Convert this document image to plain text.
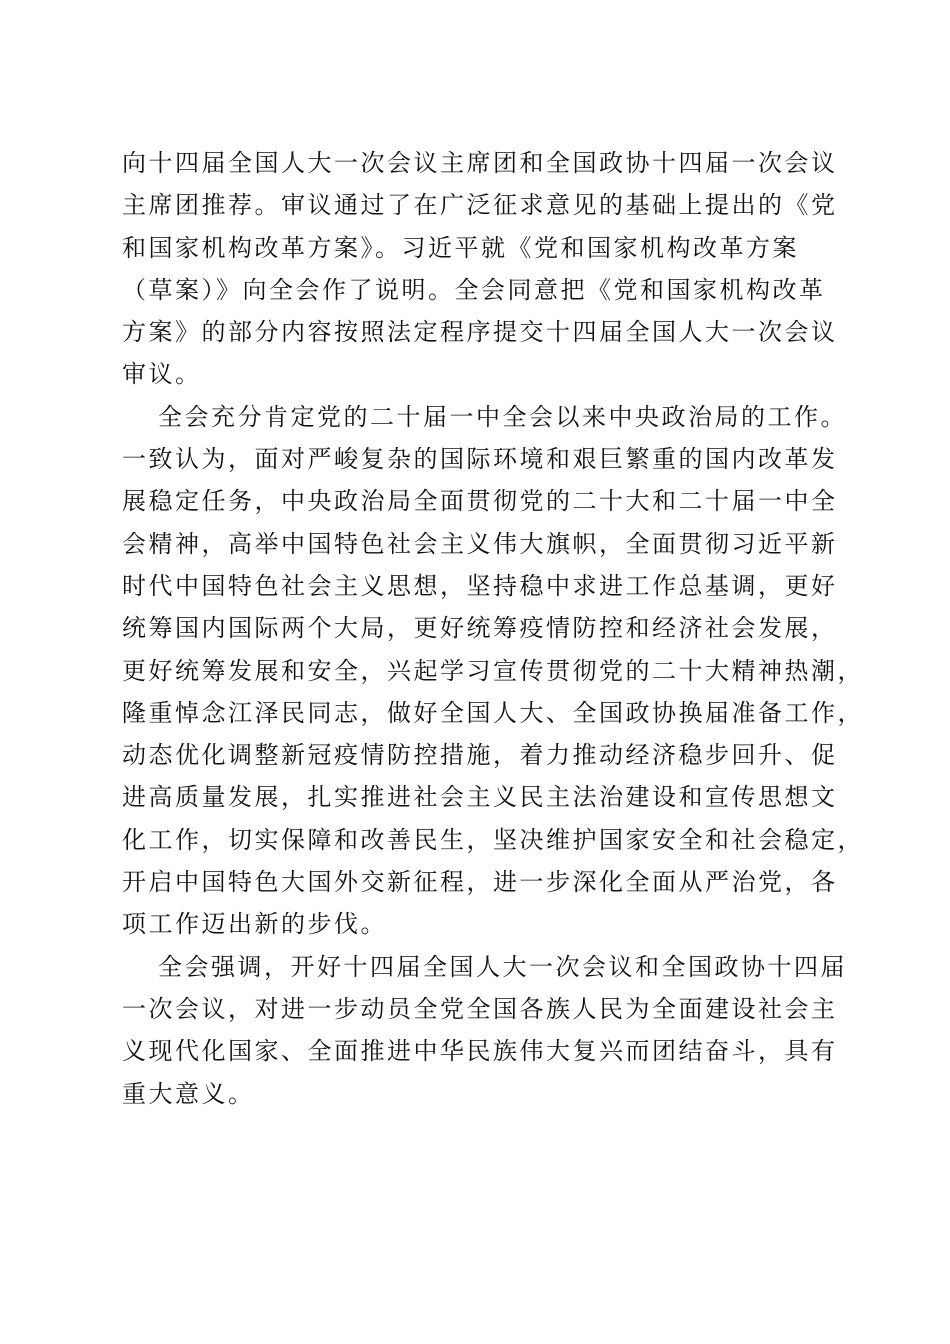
向十四届全国人大一次会议主席团和全国政协十四届一次会议
主席团推荐。审议通过了在广泛征求意见的基础上提出的《党
和国家机构改革方案》。习近平就《党和国家机构改革方案
（草案）》向全会作了说明。全会同意把《党和国家机构改革
方案》的部分内容按照法定程序提交十四届全国人大一次会议
审议。
全会充分肯定党的二十届一中全会以来中央政治局的工作。
一致认为，面对严峻复杂的国际环境和艰巨繁重的国内改革发
展稳定任务，中央政治局全面贯彻党的二十大和二十届一中全
会精神，高举中国特色社会主义伟大旗帜，全面贯彻习近平新
时代中国特色社会主义思想，坚持稳中求进工作总基调，更好
统筹国内国际两个大局，更好统筹疫情防控和经济社会发展，
更好统筹发展和安全，兴起学习宣传贯彻党的二十大精神热潮，
隆重悼念江泽民同志，做好全国人大、全国政协换届准备工作，
动态优化调整新冠疫情防控措施，着力推动经济稳步回升、促
进高质量发展，扎实推进社会主义民主法治建设和宣传思想文
化工作，切实保障和改善民生，坚决维护国家安全和社会稳定，
开启中国特色大国外交新征程，进一步深化全面从严治党，各
项工作迈出新的步伐。
全会强调，开好十四届全国人大一次会议和全国政协十四届
一次会议，对进一步动员全党全国各族人民为全面建设社会主
义现代化国家、全面推进中华民族伟大复兴而团结奋斗，具有
重大意义。
